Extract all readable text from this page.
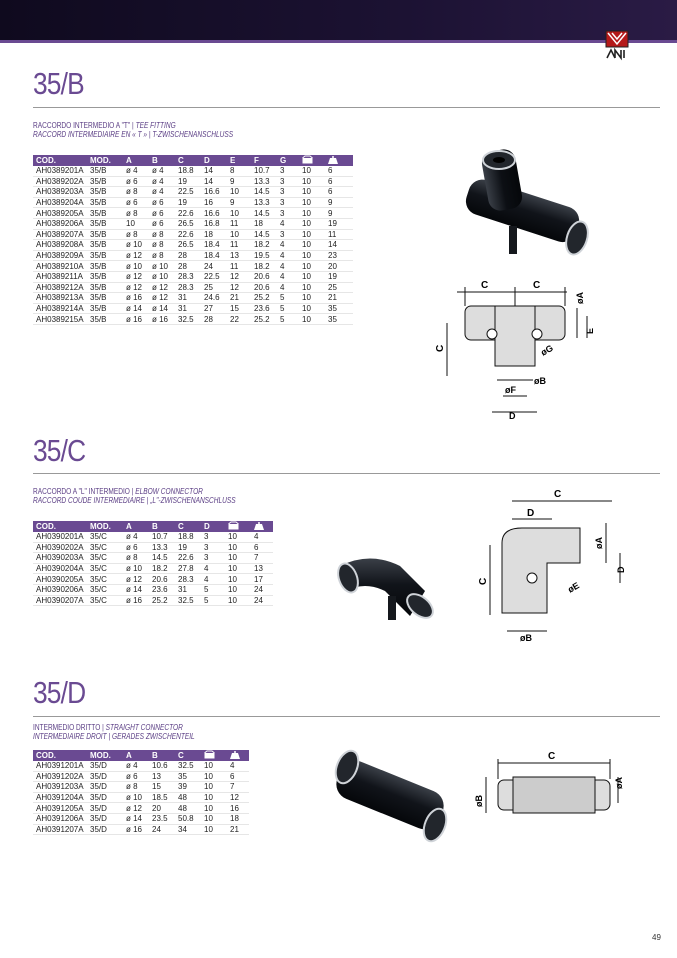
35/B
RACCORDO INTERMEDIO A "T" | TEE FITTING
RACCORD INTERMEDIAIRE EN « T » | T-ZWISCHENANSCHLUSS
COD.	MOD.	A	B	C	D	E	F	G		
AH0389201A	35/B	ø 4	ø 4	18.8	14	8	10.7	3	10	6
AH0389202A	35/B	ø 6	ø 4	19	14	9	13.3	3	10	6
AH0389203A	35/B	ø 8	ø 4	22.5	16.6	10	14.5	3	10	6
AH0389204A	35/B	ø 6	ø 6	19	16	9	13.3	3	10	9
AH0389205A	35/B	ø 8	ø 6	22.6	16.6	10	14.5	3	10	9
AH0389206A	35/B	10	ø 6	26.5	16.8	11	18	4	10	19
AH0389207A	35/B	ø 8	ø 8	22.6	18	10	14.5	3	10	11
AH0389208A	35/B	ø 10	ø 8	26.5	18.4	11	18.2	4	10	14
AH0389209A	35/B	ø 12	ø 8	28	18.4	13	19.5	4	10	23
AH0389210A	35/B	ø 10	ø 10	28	24	11	18.2	4	10	20
AH0389211A	35/B	ø 12	ø 10	28.3	22.5	12	20.6	4	10	19
AH0389212A	35/B	ø 12	ø 12	28.3	25	12	20.6	4	10	25
AH0389213A	35/B	ø 16	ø 12	31	24.6	21	25.2	5	10	21
AH0389214A	35/B	ø 14	ø 14	31	27	15	23.6	5	10	35
AH0389215A	35/B	ø 16	ø 16	32.5	28	22	25.2	5	10	35
C	C
øA
E
C	øG
øB
øF
D
35/C
RACCORDO A "L" INTERMEDIO | ELBOW CONNECTOR
RACCORD COUDE INTERMEDIAIRE | „L"-ZWISCHENANSCHLUSS
COD.	MOD.	A	B	C	D		
AH0390201A	35/C	ø 4	10.7	18.8	3	10	4
AH0390202A	35/C	ø 6	13.3	19	3	10	6
AH0390203A	35/C	ø 8	14.5	22.6	3	10	7
AH0390204A	35/C	ø 10	18.2	27.8	4	10	13
AH0390205A	35/C	ø 12	20.6	28.3	4	10	17
AH0390206A	35/C	ø 14	23.6	31	5	10	24
AH0390207A	35/C	ø 16	25.2	32.5	5	10	24
C
D
øA
D
C	øE
øB
35/D
INTERMEDIO DRITTO | STRAIGHT CONNECTOR
INTERMEDIAIRE DROIT | GERADES ZWISCHENTEIL
COD.	MOD.	A	B	C		
AH0391201A	35/D	ø 4	10.6	32.5	10	4
AH0391202A	35/D	ø 6	13	35	10	6
AH0391203A	35/D	ø 8	15	39	10	7
AH0391204A	35/D	ø 10	18.5	48	10	12
AH0391205A	35/D	ø 12	20	48	10	16
AH0391206A	35/D	ø 14	23.5	50.8	10	18
AH0391207A	35/D	ø 16	24	34	10	21
C
øA
øB
49
